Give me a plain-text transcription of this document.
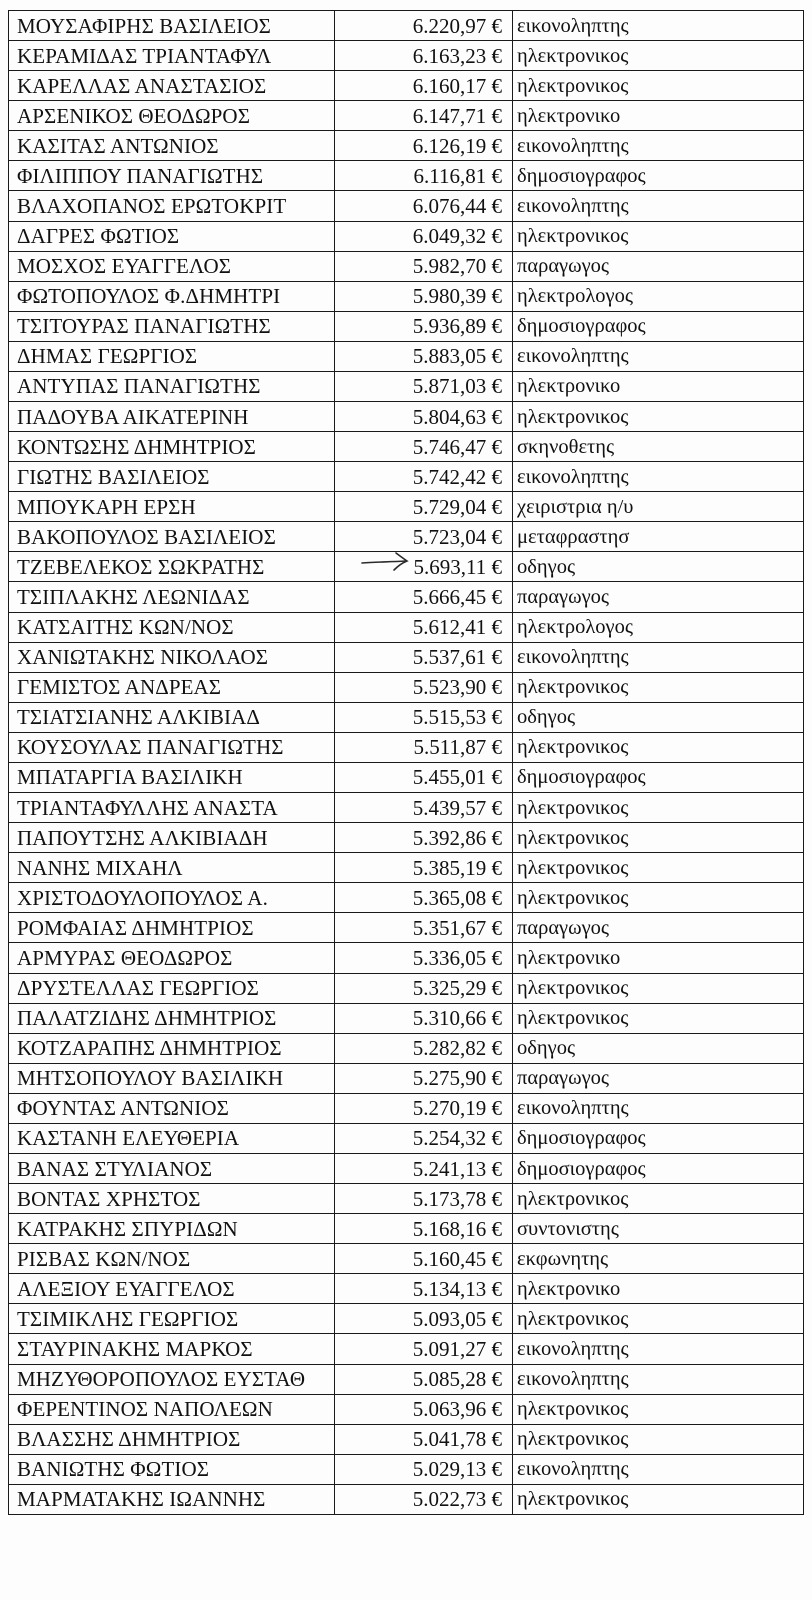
ΜΟΥΣΑΦΙΡΗΣ ΒΑΣΙΛΕΙΟΣ	6.220,97 €	εικονοληπτης
ΚΕΡΑΜΙΔΑΣ ΤΡΙΑΝΤΑΦΥΛ	6.163,23 €	ηλεκτρονικος
ΚΑΡΕΛΛΑΣ ΑΝΑΣΤΑΣΙΟΣ	6.160,17 €	ηλεκτρονικος
ΑΡΣΕΝΙΚΟΣ ΘΕΟΔΩΡΟΣ	6.147,71 €	ηλεκτρονικο
ΚΑΣΙΤΑΣ ΑΝΤΩΝΙΟΣ	6.126,19 €	εικονοληπτης
ΦΙΛΙΠΠΟΥ ΠΑΝΑΓΙΩΤΗΣ	6.116,81 €	δημοσιογραφος
ΒΛΑΧΟΠΑΝΟΣ ΕΡΩΤΟΚΡΙΤ	6.076,44 €	εικονοληπτης
ΔΑΓΡΕΣ ΦΩΤΙΟΣ	6.049,32 €	ηλεκτρονικος
ΜΟΣΧΟΣ ΕΥΑΓΓΕΛΟΣ	5.982,70 €	παραγωγος
ΦΩΤΟΠΟΥΛΟΣ Φ.ΔΗΜΗΤΡΙ	5.980,39 €	ηλεκτρολογος
ΤΣΙΤΟΥΡΑΣ ΠΑΝΑΓΙΩΤΗΣ	5.936,89 €	δημοσιογραφος
ΔΗΜΑΣ ΓΕΩΡΓΙΟΣ	5.883,05 €	εικονοληπτης
ΑΝΤΥΠΑΣ ΠΑΝΑΓΙΩΤΗΣ	5.871,03 €	ηλεκτρονικο
ΠΑΔΟΥΒΑ ΑΙΚΑΤΕΡΙΝΗ	5.804,63 €	ηλεκτρονικος
ΚΟΝΤΩΣΗΣ ΔΗΜΗΤΡΙΟΣ	5.746,47 €	σκηνοθετης
ΓΙΩΤΗΣ ΒΑΣΙΛΕΙΟΣ	5.742,42 €	εικονοληπτης
ΜΠΟΥΚΑΡΗ ΕΡΣΗ	5.729,04 €	χειριστρια η/υ
ΒΑΚΟΠΟΥΛΟΣ ΒΑΣΙΛΕΙΟΣ	5.723,04 €	μεταφραστησ
ΤΖΕΒΕΛΕΚΟΣ ΣΩΚΡΑΤΗΣ	5.693,11 €	οδηγος
ΤΣΙΠΛΑΚΗΣ ΛΕΩΝΙΔΑΣ	5.666,45 €	παραγωγος
ΚΑΤΣΑΙΤΗΣ ΚΩΝ/ΝΟΣ	5.612,41 €	ηλεκτρολογος
ΧΑΝΙΩΤΑΚΗΣ ΝΙΚΟΛΑΟΣ	5.537,61 €	εικονοληπτης
ΓΕΜΙΣΤΟΣ ΑΝΔΡΕΑΣ	5.523,90 €	ηλεκτρονικος
ΤΣΙΑΤΣΙΑΝΗΣ ΑΛΚΙΒΙΑΔ	5.515,53 €	οδηγος
ΚΟΥΣΟΥΛΑΣ ΠΑΝΑΓΙΩΤΗΣ	5.511,87 €	ηλεκτρονικος
ΜΠΑΤΑΡΓΙΑ ΒΑΣΙΛΙΚΗ	5.455,01 €	δημοσιογραφος
ΤΡΙΑΝΤΑΦΥΛΛΗΣ ΑΝΑΣΤΑ	5.439,57 €	ηλεκτρονικος
ΠΑΠΟΥΤΣΗΣ ΑΛΚΙΒΙΑΔΗ	5.392,86 €	ηλεκτρονικος
ΝΑΝΗΣ ΜΙΧΑΗΛ	5.385,19 €	ηλεκτρονικος
ΧΡΙΣΤΟΔΟΥΛΟΠΟΥΛΟΣ Α.	5.365,08 €	ηλεκτρονικος
ΡΟΜΦΑΙΑΣ ΔΗΜΗΤΡΙΟΣ	5.351,67 €	παραγωγος
ΑΡΜΥΡΑΣ ΘΕΟΔΩΡΟΣ	5.336,05 €	ηλεκτρονικο
ΔΡΥΣΤΕΛΛΑΣ ΓΕΩΡΓΙΟΣ	5.325,29 €	ηλεκτρονικος
ΠΑΛΑΤΖΙΔΗΣ ΔΗΜΗΤΡΙΟΣ	5.310,66 €	ηλεκτρονικος
ΚΟΤΖΑΡΑΠΗΣ ΔΗΜΗΤΡΙΟΣ	5.282,82 €	οδηγος
ΜΗΤΣΟΠΟΥΛΟΥ ΒΑΣΙΛΙΚΗ	5.275,90 €	παραγωγος
ΦΟΥΝΤΑΣ ΑΝΤΩΝΙΟΣ	5.270,19 €	εικονοληπτης
ΚΑΣΤΑΝΗ ΕΛΕΥΘΕΡΙΑ	5.254,32 €	δημοσιογραφος
ΒΑΝΑΣ ΣΤΥΛΙΑΝΟΣ	5.241,13 €	δημοσιογραφος
ΒΟΝΤΑΣ ΧΡΗΣΤΟΣ	5.173,78 €	ηλεκτρονικος
ΚΑΤΡΑΚΗΣ ΣΠΥΡΙΔΩΝ	5.168,16 €	συντονιστης
ΡΙΣΒΑΣ ΚΩΝ/ΝΟΣ	5.160,45 €	εκφωνητης
ΑΛΕΞΙΟΥ ΕΥΑΓΓΕΛΟΣ	5.134,13 €	ηλεκτρονικο
ΤΣΙΜΙΚΛΗΣ ΓΕΩΡΓΙΟΣ	5.093,05 €	ηλεκτρονικος
ΣΤΑΥΡΙΝΑΚΗΣ ΜΑΡΚΟΣ	5.091,27 €	εικονοληπτης
ΜΗΖΥΘΟΡΟΠΟΥΛΟΣ ΕΥΣΤΑΘ	5.085,28 €	εικονοληπτης
ΦΕΡΕΝΤΙΝΟΣ ΝΑΠΟΛΕΩΝ	5.063,96 €	ηλεκτρονικος
ΒΛΑΣΣΗΣ ΔΗΜΗΤΡΙΟΣ	5.041,78 €	ηλεκτρονικος
ΒΑΝΙΩΤΗΣ ΦΩΤΙΟΣ	5.029,13 €	εικονοληπτης
ΜΑΡΜΑΤΑΚΗΣ ΙΩΑΝΝΗΣ	5.022,73 €	ηλεκτρονικος
